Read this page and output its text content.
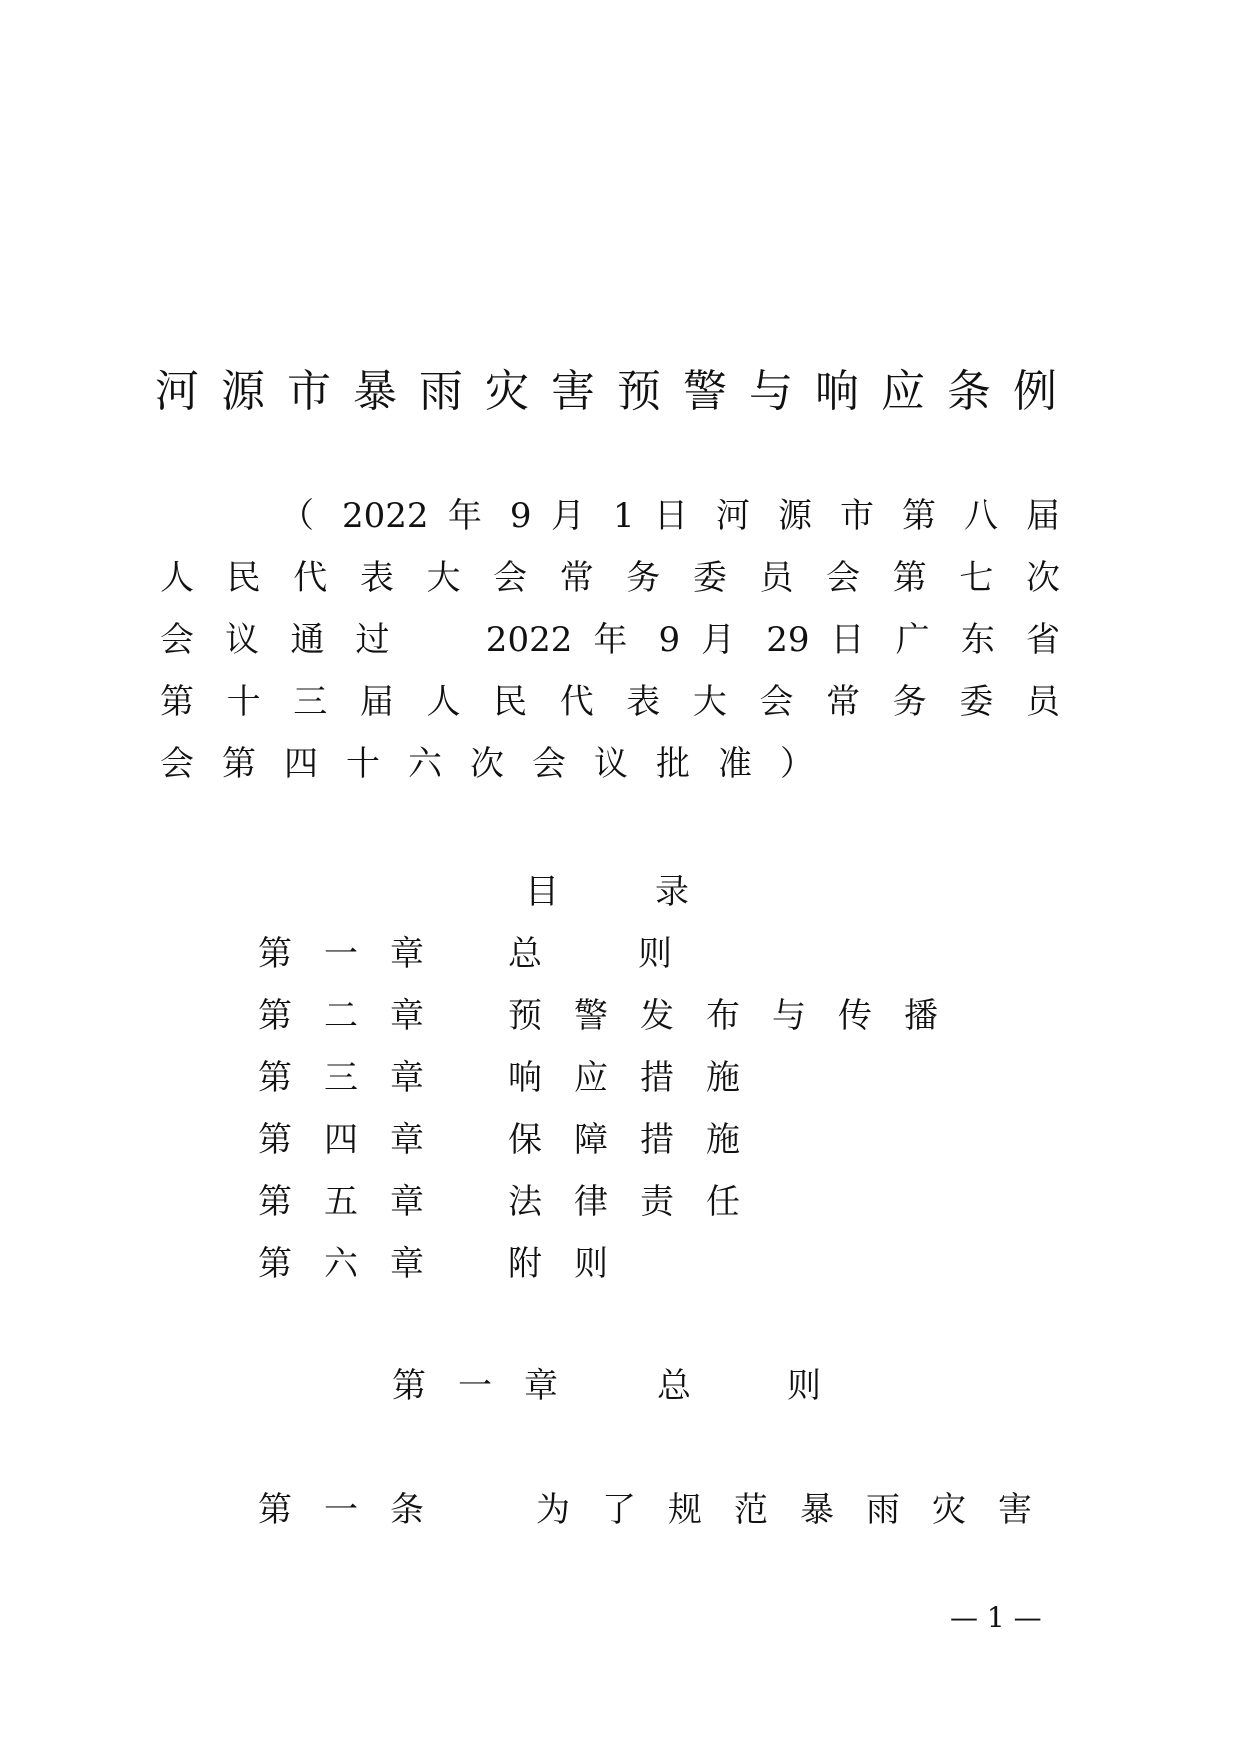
河源市暴雨灾害预警与响应条例
（ 2022 年 9 月 1 日 河 源 市 第 八 届
人民代表大会常务委员会第七次
会 议 通 过 　 2022 年 9 月 29 日 广 东 省
第十三届人民代表大会常务委员
会第四十六次会议批准）
目录
第一章 总则
第二章 预警发布与传播
第三章 响应措施
第四章 保障措施
第五章 法律责任
第六章 附则
第一章 总则
第一条 为了规范暴雨灾害
— 1 —
